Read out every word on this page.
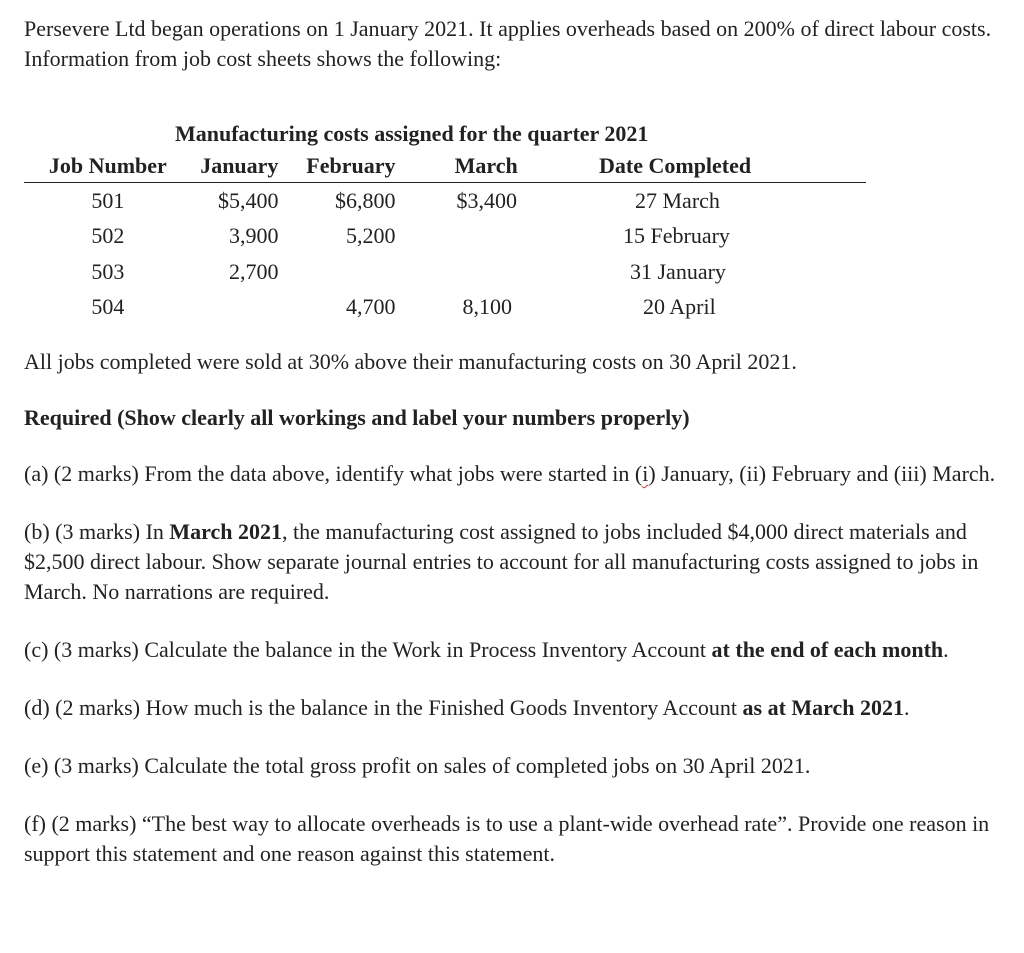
Persevere Ltd began operations on 1 January 2021. It applies overheads based on 200% of direct labour costs. Information from job cost sheets shows the following:

Manufacturing costs assigned for the quarter 2021
Job Number	January	February	March	Date Completed
501	$5,400	$6,800	$3,400	27 March
502	3,900	5,200		15 February
503	2,700			31 January
504		4,700	8,100	20 April

All jobs completed were sold at 30% above their manufacturing costs on 30 April 2021.

Required (Show clearly all workings and label your numbers properly)

(a) (2 marks) From the data above, identify what jobs were started in (i) January, (ii) February and (iii) March.

(b) (3 marks) In March 2021, the manufacturing cost assigned to jobs included $4,000 direct materials and $2,500 direct labour. Show separate journal entries to account for all manufacturing costs assigned to jobs in March. No narrations are required.

(c) (3 marks) Calculate the balance in the Work in Process Inventory Account at the end of each month.

(d) (2 marks) How much is the balance in the Finished Goods Inventory Account as at March 2021.

(e) (3 marks) Calculate the total gross profit on sales of completed jobs on 30 April 2021.

(f) (2 marks) “The best way to allocate overheads is to use a plant-wide overhead rate”. Provide one reason in support this statement and one reason against this statement.
